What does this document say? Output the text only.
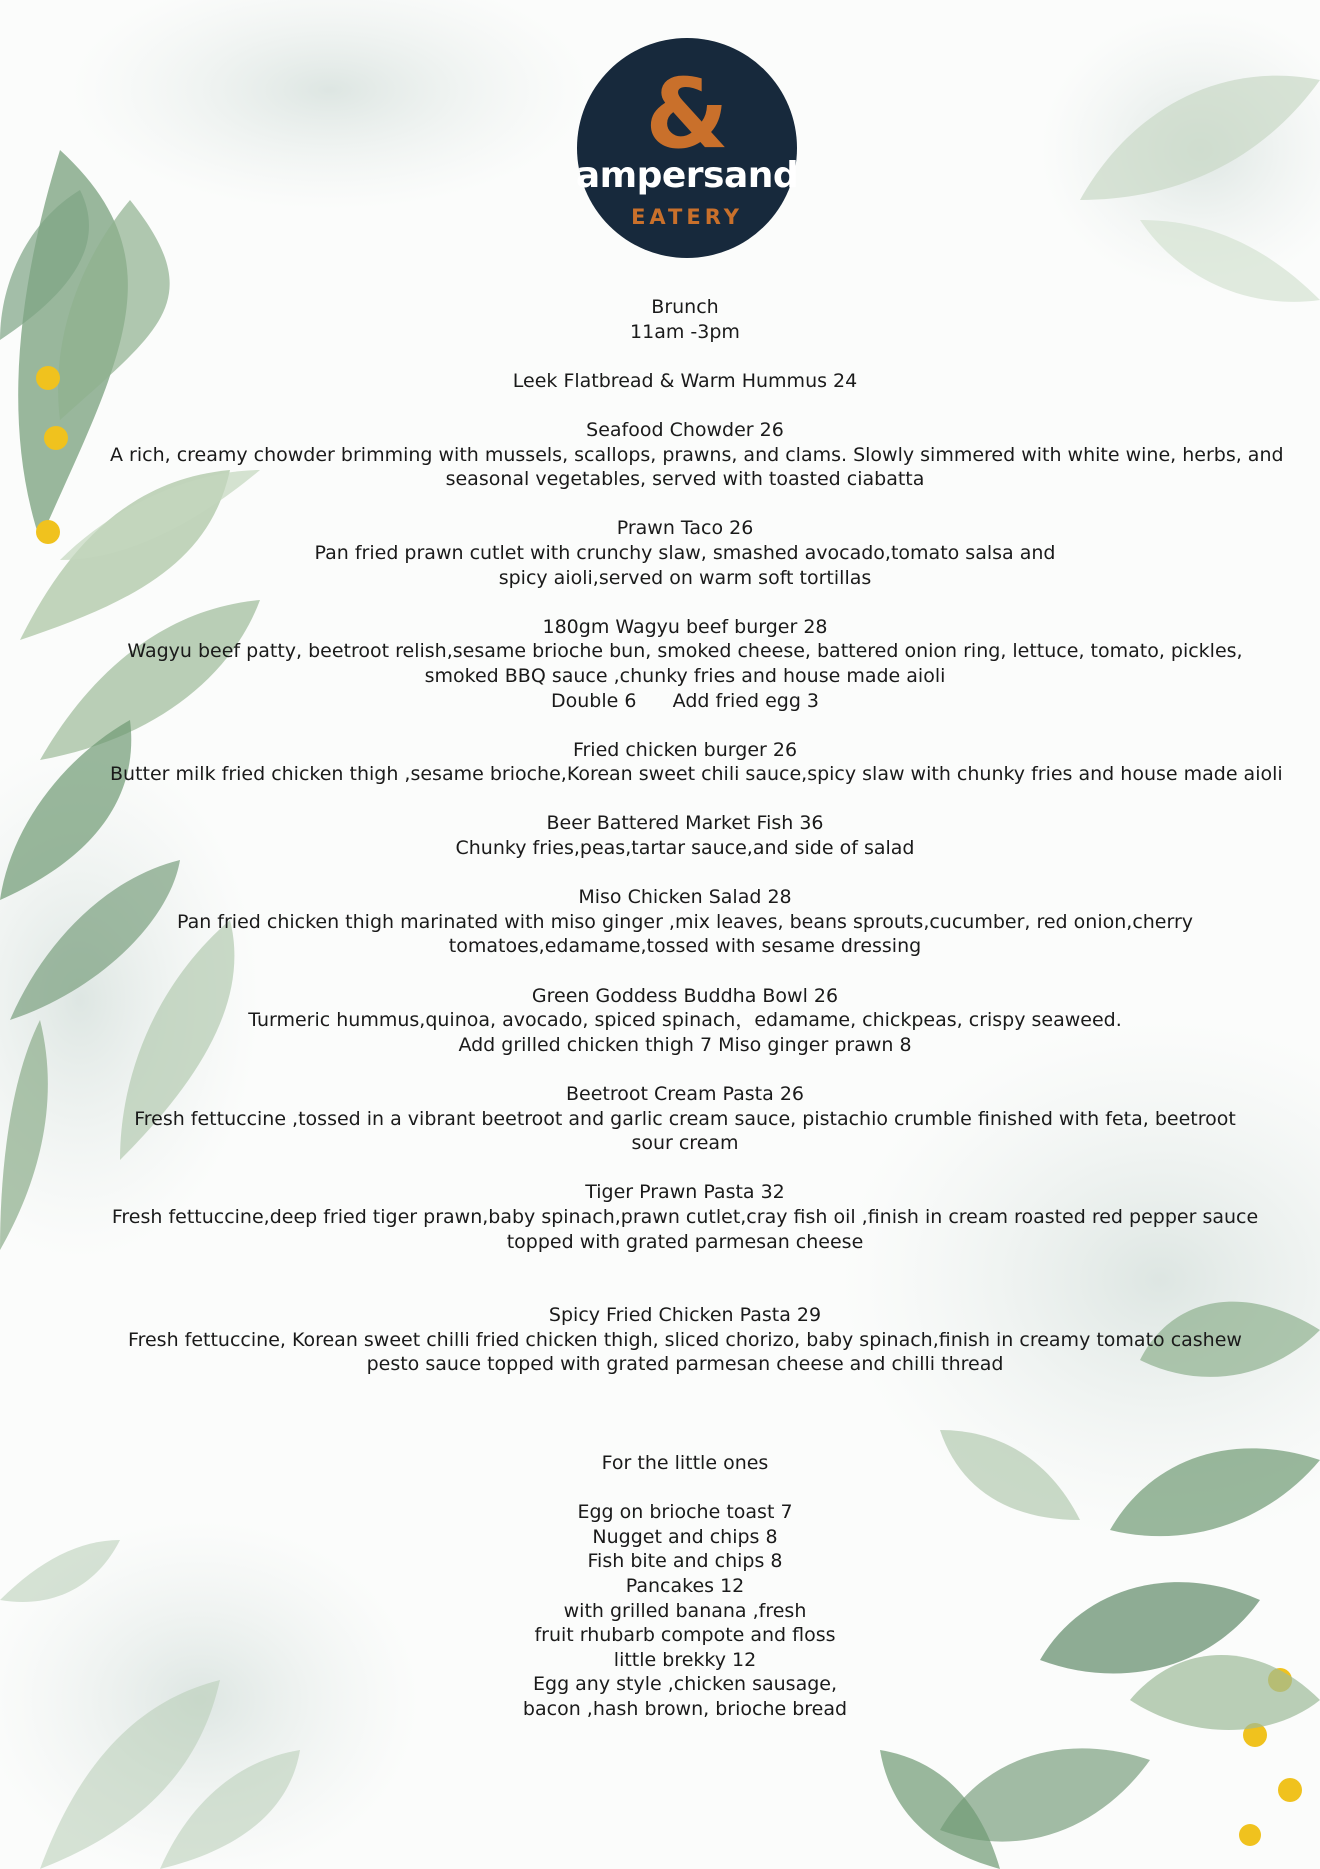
&
ampersand
EATERY
Brunch
11am -3pm
Leek Flatbread & Warm Hummus 24
Seafood Chowder 26
A rich, creamy chowder brimming with mussels, scallops, prawns, and clams. Slowly simmered with white wine, herbs, and
seasonal vegetables, served with toasted ciabatta
Prawn Taco 26
Pan fried prawn cutlet with crunchy slaw, smashed avocado,tomato salsa and
spicy aioli,served on warm soft tortillas
180gm Wagyu beef burger 28
Wagyu beef patty, beetroot relish,sesame brioche bun, smoked cheese, battered onion ring, lettuce, tomato, pickles,
smoked BBQ sauce ,chunky fries and house made aioli
Double 6      Add fried egg 3
Fried chicken burger 26
Butter milk fried chicken thigh ,sesame brioche,Korean sweet chili sauce,spicy slaw with chunky fries and house made aioli
Beer Battered Market Fish 36
Chunky fries,peas,tartar sauce,and side of salad
Miso Chicken Salad 28
Pan fried chicken thigh marinated with miso ginger ,mix leaves, beans sprouts,cucumber, red onion,cherry
tomatoes,edamame,tossed with sesame dressing
Green Goddess Buddha Bowl 26
Turmeric hummus,quinoa, avocado, spiced spinach，edamame, chickpeas, crispy seaweed.
Add grilled chicken thigh 7 Miso ginger prawn 8
Beetroot Cream Pasta 26
Fresh fettuccine ,tossed in a vibrant beetroot and garlic cream sauce, pistachio crumble finished with feta, beetroot
sour cream
Tiger Prawn Pasta 32
Fresh fettuccine,deep fried tiger prawn,baby spinach,prawn cutlet,cray fish oil ,finish in cream roasted red pepper sauce
topped with grated parmesan cheese
Spicy Fried Chicken Pasta 29
Fresh fettuccine, Korean sweet chilli fried chicken thigh, sliced chorizo, baby spinach,finish in creamy tomato cashew
pesto sauce topped with grated parmesan cheese and chilli thread
For the little ones
Egg on brioche toast 7
Nugget and chips 8
Fish bite and chips 8
Pancakes 12
with grilled banana ,fresh
fruit rhubarb compote and floss
little brekky 12
Egg any style ,chicken sausage,
bacon ,hash brown, brioche bread
